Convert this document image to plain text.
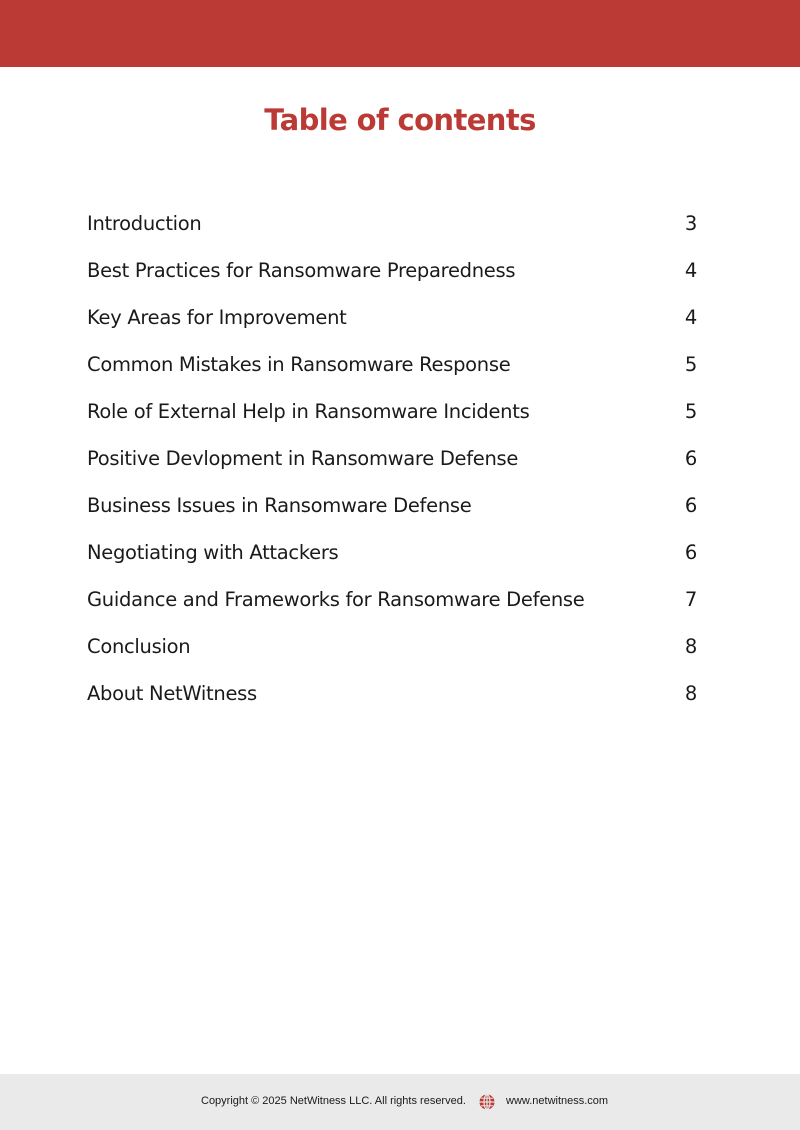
Table of contents
Introduction	3
Best Practices for Ransomware Preparedness	4
Key Areas for Improvement	4
Common Mistakes in Ransomware Response	5
Role of External Help in Ransomware Incidents	5
Positive Devlopment in Ransomware Defense	6
Business Issues in Ransomware Defense	6
Negotiating with Attackers	6
Guidance and Frameworks for Ransomware Defense	7
Conclusion	8
About NetWitness	8
Copyright © 2025 NetWitness LLC. All rights reserved.	www.netwitness.com
